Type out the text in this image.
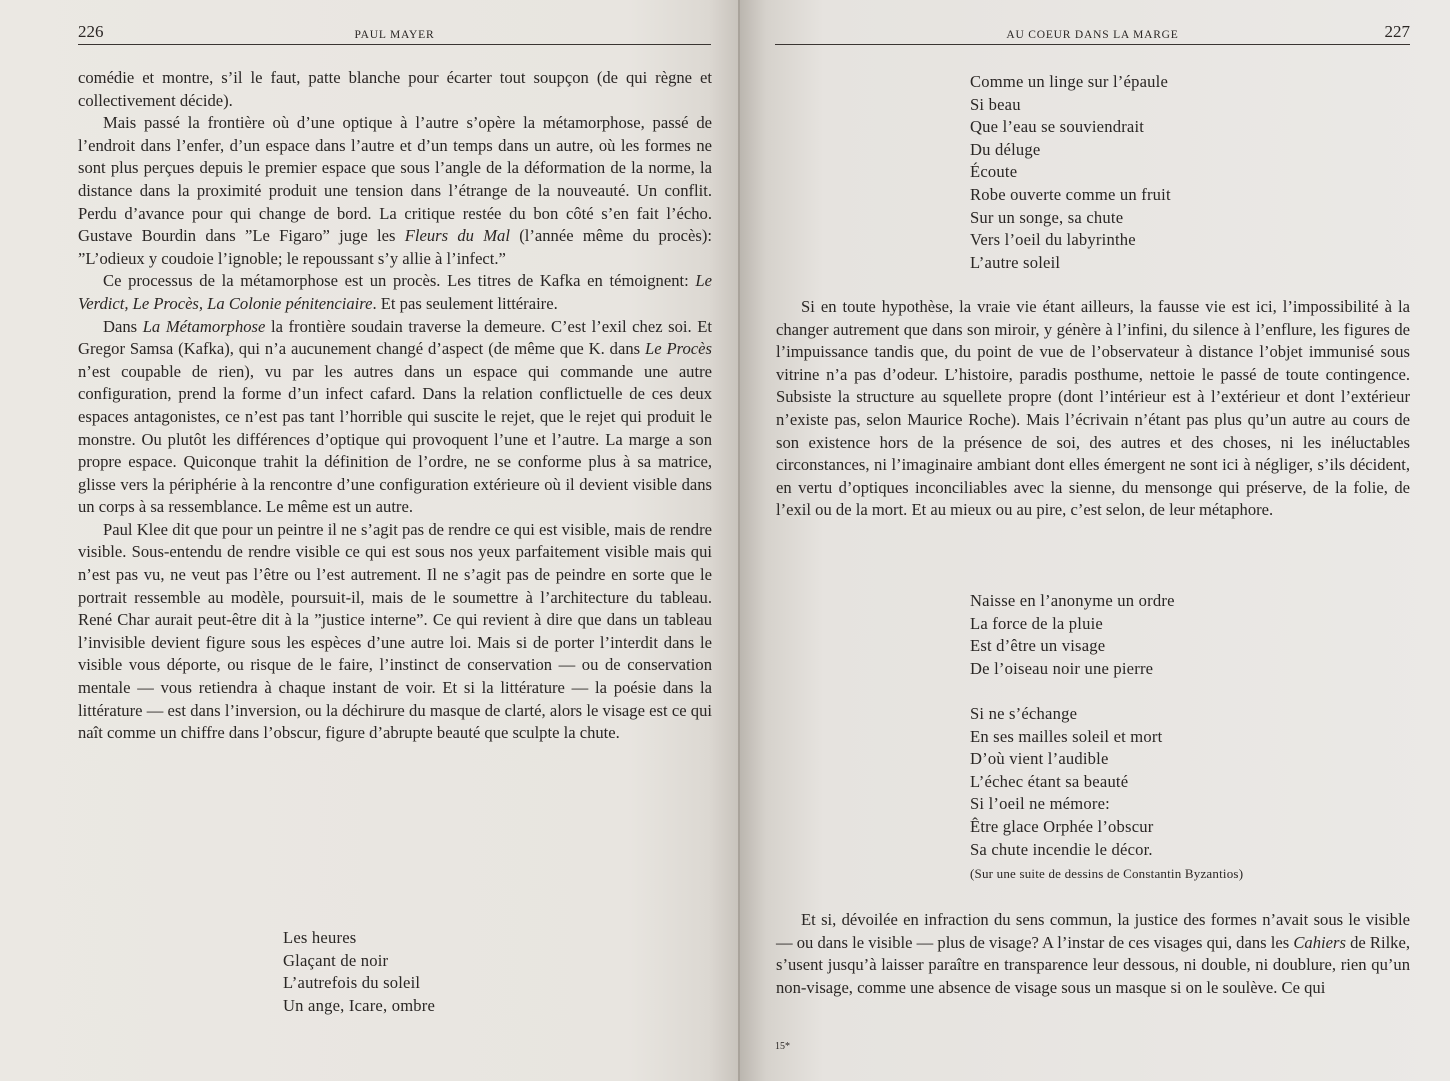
226	PAUL MAYER

comédie et montre, s’il le faut, patte blanche pour écarter tout soupçon (de qui règne et collectivement décide).

Mais passé la frontière où d’une optique à l’autre s’opère la métamorphose, passé de l’endroit dans l’enfer, d’un espace dans l’autre et d’un temps dans un autre, où les formes ne sont plus perçues depuis le premier espace que sous l’angle de la déformation de la norme, la distance dans la proximité produit une tension dans l’étrange de la nouveauté. Un conflit. Perdu d’avance pour qui change de bord. La critique restée du bon côté s’en fait l’écho. Gustave Bourdin dans ”Le Figaro” juge les Fleurs du Mal (l’année même du procès): ”L’odieux y coudoie l’ignoble; le repoussant s’y allie à l’infect.”

Ce processus de la métamorphose est un procès. Les titres de Kafka en témoignent: Le Verdict, Le Procès, La Colonie pénitenciaire. Et pas seulement littéraire.

Dans La Métamorphose la frontière soudain traverse la demeure. C’est l’exil chez soi. Et Gregor Samsa (Kafka), qui n’a aucunement changé d’aspect (de même que K. dans Le Procès n’est coupable de rien), vu par les autres dans un espace qui commande une autre configuration, prend la forme d’un infect cafard. Dans la relation conflictuelle de ces deux espaces antagonistes, ce n’est pas tant l’horrible qui suscite le rejet, que le rejet qui produit le monstre. Ou plutôt les différences d’optique qui provoquent l’une et l’autre. La marge a son propre espace. Quiconque trahit la définition de l’ordre, ne se conforme plus à sa matrice, glisse vers la périphérie à la rencontre d’une configuration extérieure où il devient visible dans un corps à sa ressemblance. Le même est un autre.

Paul Klee dit que pour un peintre il ne s’agit pas de rendre ce qui est visible, mais de rendre visible. Sous-entendu de rendre visible ce qui est sous nos yeux parfaitement visible mais qui n’est pas vu, ne veut pas l’être ou l’est autrement. Il ne s’agit pas de peindre en sorte que le portrait ressemble au modèle, poursuit-il, mais de le soumettre à l’architecture du tableau. René Char aurait peut-être dit à la ”justice interne”. Ce qui revient à dire que dans un tableau l’invisible devient figure sous les espèces d’une autre loi. Mais si de porter l’interdit dans le visible vous déporte, ou risque de le faire, l’instinct de conservation — ou de conservation mentale — vous retiendra à chaque instant de voir. Et si la littérature — la poésie dans la littérature — est dans l’inversion, ou la déchirure du masque de clarté, alors le visage est ce qui naît comme un chiffre dans l’obscur, figure d’abrupte beauté que sculpte la chute.

Les heures
Glaçant de noir
L’autrefois du soleil
Un ange, Icare, ombre
AU COEUR DANS LA MARGE	227
Comme un linge sur l’épaule
Si beau
Que l’eau se souviendrait
Du déluge
Écoute
Robe ouverte comme un fruit
Sur un songe, sa chute
Vers l’oeil du labyrinthe
L’autre soleil

Si en toute hypothèse, la vraie vie étant ailleurs, la fausse vie est ici, l’impossibilité à la changer autrement que dans son miroir, y génère à l’infini, du silence à l’enflure, les figures de l’impuissance tandis que, du point de vue de l’observateur à distance l’objet immunisé sous vitrine n’a pas d’odeur. L’histoire, paradis posthume, nettoie le passé de toute contingence. Subsiste la structure au squellete propre (dont l’intérieur est à l’extérieur et dont l’extérieur n’existe pas, selon Maurice Roche). Mais l’écrivain n’étant pas plus qu’un autre au cours de son existence hors de la présence de soi, des autres et des choses, ni les inéluctables circonstances, ni l’imaginaire ambiant dont elles émergent ne sont ici à négliger, s’ils décident, en vertu d’optiques inconciliables avec la sienne, du mensonge qui préserve, de la folie, de l’exil ou de la mort. Et au mieux ou au pire, c’est selon, de leur métaphore.

Naisse en l’anonyme un ordre
La force de la pluie
Est d’être un visage
De l’oiseau noir une pierre
Si ne s’échange
En ses mailles soleil et mort
D’où vient l’audible
L’échec étant sa beauté
Si l’oeil ne mémore:
Être glace Orphée l’obscur
Sa chute incendie le décor.
(Sur une suite de dessins de Constantin Byzantios)

Et si, dévoilée en infraction du sens commun, la justice des formes n’avait sous le visible — ou dans le visible — plus de visage? A l’instar de ces visages qui, dans les Cahiers de Rilke, s’usent jusqu’à laisser paraître en transparence leur dessous, ni double, ni doublure, rien qu’un non-visage, comme une absence de visage sous un masque si on le soulève. Ce qui

15*
